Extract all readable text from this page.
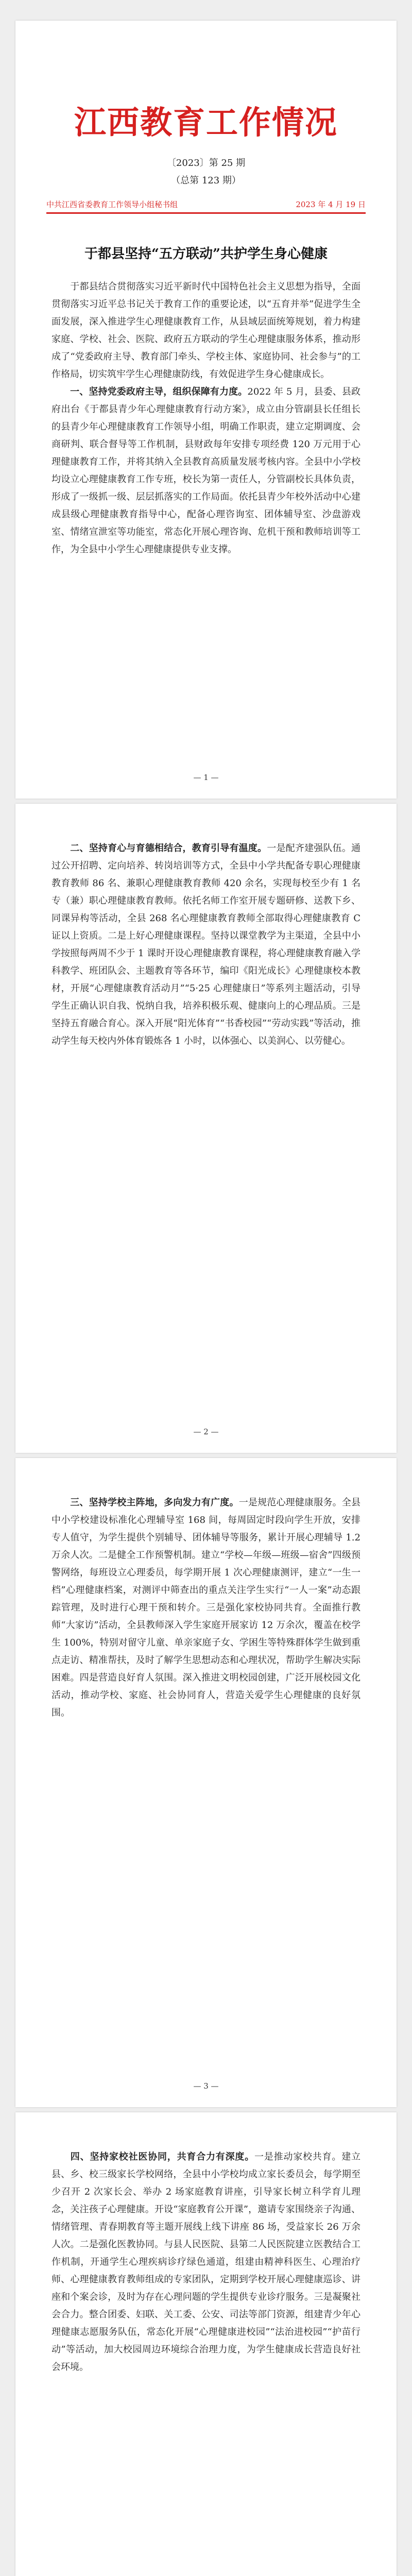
江西教育工作情况
〔2023〕第 25 期
（总第 123 期）
中共江西省委教育工作领导小组秘书组	2023 年 4 月 19 日
于都县坚持“五方联动”共护学生身心健康

于都县结合贯彻落实习近平新时代中国特色社会主义思想为指导，全面贯彻落实习近平总书记关于教育工作的重要论述，以“五育并举”促进学生全面发展，深入推进学生心理健康教育工作，从县域层面统筹规划，着力构建家庭、学校、社会、医院、政府五方联动的学生心理健康服务体系，推动形成了“党委政府主导、教育部门牵头、学校主体、家庭协同、社会参与”的工作格局，切实筑牢学生心理健康防线，有效促进学生身心健康成长。

一、坚持党委政府主导，组织保障有力度。2022 年 5 月，县委、县政府出台《于都县青少年心理健康教育行动方案》，成立由分管副县长任组长的县青少年心理健康教育工作领导小组，明确工作职责，建立定期调度、会商研判、联合督导等工作机制，县财政每年安排专项经费 120 万元用于心理健康教育工作，并将其纳入全县教育高质量发展考核内容。全县中小学校均设立心理健康教育工作专班，校长为第一责任人，分管副校长具体负责，形成了一级抓一级、层层抓落实的工作局面。依托县青少年校外活动中心建成县级心理健康教育指导中心，配备心理咨询室、团体辅导室、沙盘游戏室、情绪宣泄室等功能室，常态化开展心理咨询、危机干预和教师培训等工作，为全县中小学生心理健康提供专业支撑。

— 1 —

二、坚持育心与育德相结合，教育引导有温度。一是配齐建强队伍。通过公开招聘、定向培养、转岗培训等方式，全县中小学共配备专职心理健康教育教师 86 名、兼职心理健康教育教师 420 余名，实现每校至少有 1 名专（兼）职心理健康教育教师。依托名师工作室开展专题研修、送教下乡、同课异构等活动，全县 268 名心理健康教育教师全部取得心理健康教育 C 证以上资质。二是上好心理健康课程。坚持以课堂教学为主渠道，全县中小学按照每两周不少于 1 课时开设心理健康教育课程，将心理健康教育融入学科教学、班团队会、主题教育等各环节，编印《阳光成长》心理健康校本教材，开展“心理健康教育活动月”“5·25 心理健康日”等系列主题活动，引导学生正确认识自我、悦纳自我，培养积极乐观、健康向上的心理品质。三是坚持五育融合育心。深入开展“阳光体育”“书香校园”“劳动实践”等活动，推动学生每天校内外体育锻炼各 1 小时，以体强心、以美润心、以劳健心。

— 2 —

三、坚持学校主阵地，多向发力有广度。一是规范心理健康服务。全县中小学校建设标准化心理辅导室 168 间，每周固定时段向学生开放，安排专人值守，为学生提供个别辅导、团体辅导等服务，累计开展心理辅导 1.2 万余人次。二是健全工作预警机制。建立“学校—年级—班级—宿舍”四级预警网络，每班设立心理委员，每学期开展 1 次心理健康测评，建立“一生一档”心理健康档案，对测评中筛查出的重点关注学生实行“一人一案”动态跟踪管理，及时进行心理干预和转介。三是强化家校协同共育。全面推行教师“大家访”活动，全县教师深入学生家庭开展家访 12 万余次，覆盖在校学生 100%，特别对留守儿童、单亲家庭子女、学困生等特殊群体学生做到重点走访、精准帮扶，及时了解学生思想动态和心理状况，帮助学生解决实际困难。四是营造良好育人氛围。深入推进文明校园创建，广泛开展校园文化活动，推动学校、家庭、社会协同育人，营造关爱学生心理健康的良好氛围。

— 3 —

四、坚持家校社医协同，共育合力有深度。一是推动家校共育。建立县、乡、校三级家长学校网络，全县中小学校均成立家长委员会，每学期至少召开 2 次家长会、举办 2 场家庭教育讲座，引导家长树立科学育儿理念，关注孩子心理健康。开设“家庭教育公开课”，邀请专家围绕亲子沟通、情绪管理、青春期教育等主题开展线上线下讲座 86 场，受益家长 26 万余人次。二是强化医教协同。与县人民医院、县第二人民医院建立医教结合工作机制，开通学生心理疾病诊疗绿色通道，组建由精神科医生、心理治疗师、心理健康教育教师组成的专家团队，定期到学校开展心理健康巡诊、讲座和个案会诊，及时为存在心理问题的学生提供专业诊疗服务。三是凝聚社会合力。整合团委、妇联、关工委、公安、司法等部门资源，组建青少年心理健康志愿服务队伍，常态化开展“心理健康进校园”“法治进校园”“护苗行动”等活动，加大校园周边环境综合治理力度，为学生健康成长营造良好社会环境。
